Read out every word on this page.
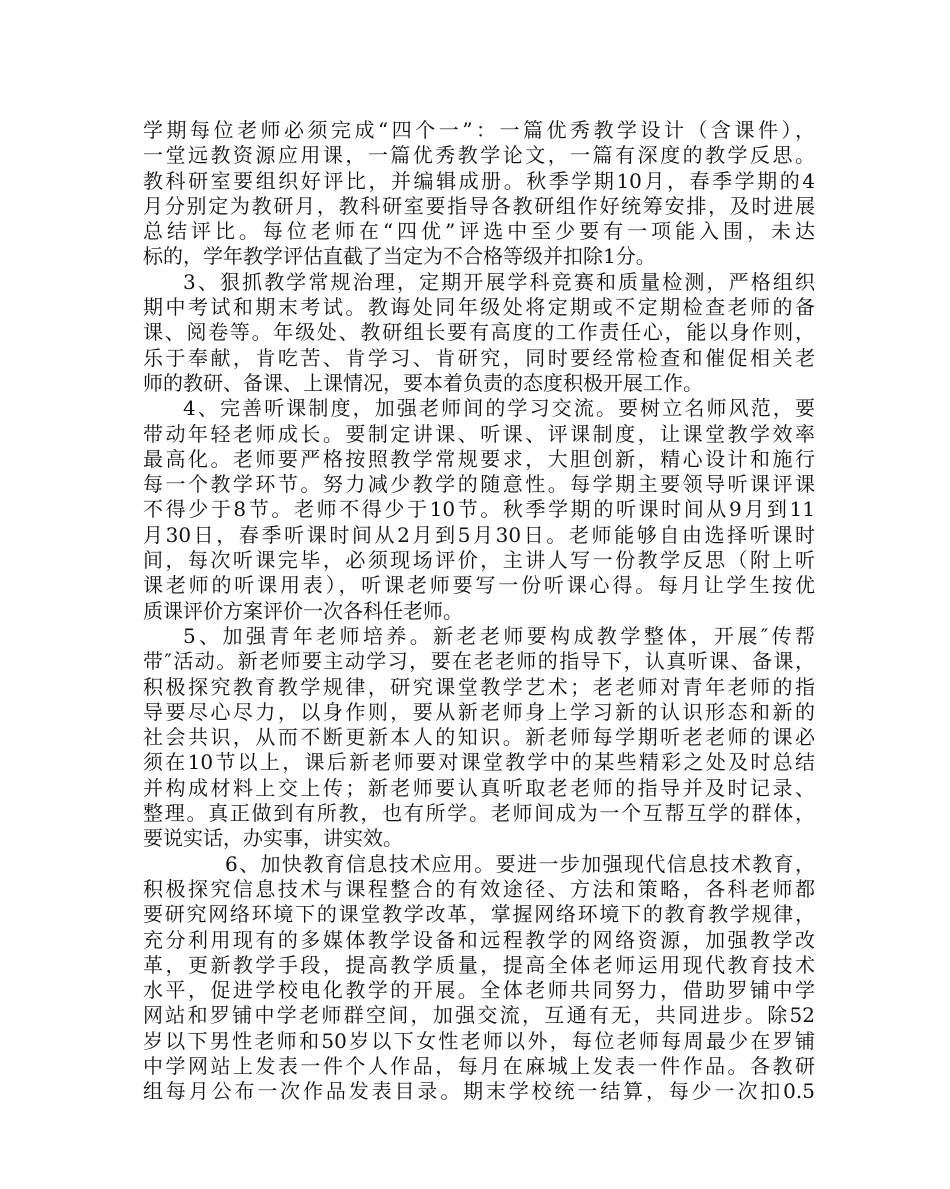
学期每位老师必须完成“四个一”：一篇优秀教学设计（含课件），
一堂远教资源应用课，一篇优秀教学论文，一篇有深度的教学反思。
教科研室要组织好评比，并编辑成册。秋季学期10月，春季学期的4
月分别定为教研月，教科研室要指导各教研组作好统筹安排，及时进展
总结评比。每位老师在“四优”评选中至少要有一项能入围，未达
标的，学年教学评估直截了当定为不合格等级并扣除1分。
3、狠抓教学常规治理，定期开展学科竞赛和质量检测，严格组织
期中考试和期末考试。教诲处同年级处将定期或不定期检查老师的备
课、阅卷等。年级处、教研组长要有高度的工作责任心，能以身作则，
乐于奉献，肯吃苦、肯学习、肯研究，同时要经常检查和催促相关老
师的教研、备课、上课情况，要本着负责的态度积极开展工作。
4、完善听课制度，加强老师间的学习交流。要树立名师风范，要
带动年轻老师成长。要制定讲课、听课、评课制度，让课堂教学效率
最高化。老师要严格按照教学常规要求，大胆创新，精心设计和施行
每一个教学环节。努力减少教学的随意性。每学期主要领导听课评课
不得少于8节。老师不得少于10节。秋季学期的听课时间从9月到11
月30日，春季听课时间从2月到5月30日。老师能够自由选择听课时
间，每次听课完毕，必须现场评价，主讲人写一份教学反思（附上听
课老师的听课用表），听课老师要写一份听课心得。每月让学生按优
质课评价方案评价一次各科任老师。
5、加强青年老师培养。新老老师要构成教学整体，开展″传帮
带″活动。新老师要主动学习，要在老老师的指导下，认真听课、备课，
积极探究教育教学规律，研究课堂教学艺术；老老师对青年老师的指
导要尽心尽力，以身作则，要从新老师身上学习新的认识形态和新的
社会共识，从而不断更新本人的知识。新老师每学期听老老师的课必
须在10节以上，课后新老师要对课堂教学中的某些精彩之处及时总结
并构成材料上交上传；新老师要认真听取老老师的指导并及时记录、
整理。真正做到有所教，也有所学。老师间成为一个互帮互学的群体，
要说实话，办实事，讲实效。
6、加快教育信息技术应用。要进一步加强现代信息技术教育，
积极探究信息技术与课程整合的有效途径、方法和策略，各科老师都
要研究网络环境下的课堂教学改革，掌握网络环境下的教育教学规律，
充分利用现有的多媒体教学设备和远程教学的网络资源，加强教学改
革，更新教学手段，提高教学质量，提高全体老师运用现代教育技术
水平，促进学校电化教学的开展。全体老师共同努力，借助罗铺中学
网站和罗铺中学老师群空间，加强交流，互通有无，共同进步。除52
岁以下男性老师和50岁以下女性老师以外，每位老师每周最少在罗铺
中学网站上发表一件个人作品，每月在麻城上发表一件作品。各教研
组每月公布一次作品发表目录。期末学校统一结算，每少一次扣0.5
